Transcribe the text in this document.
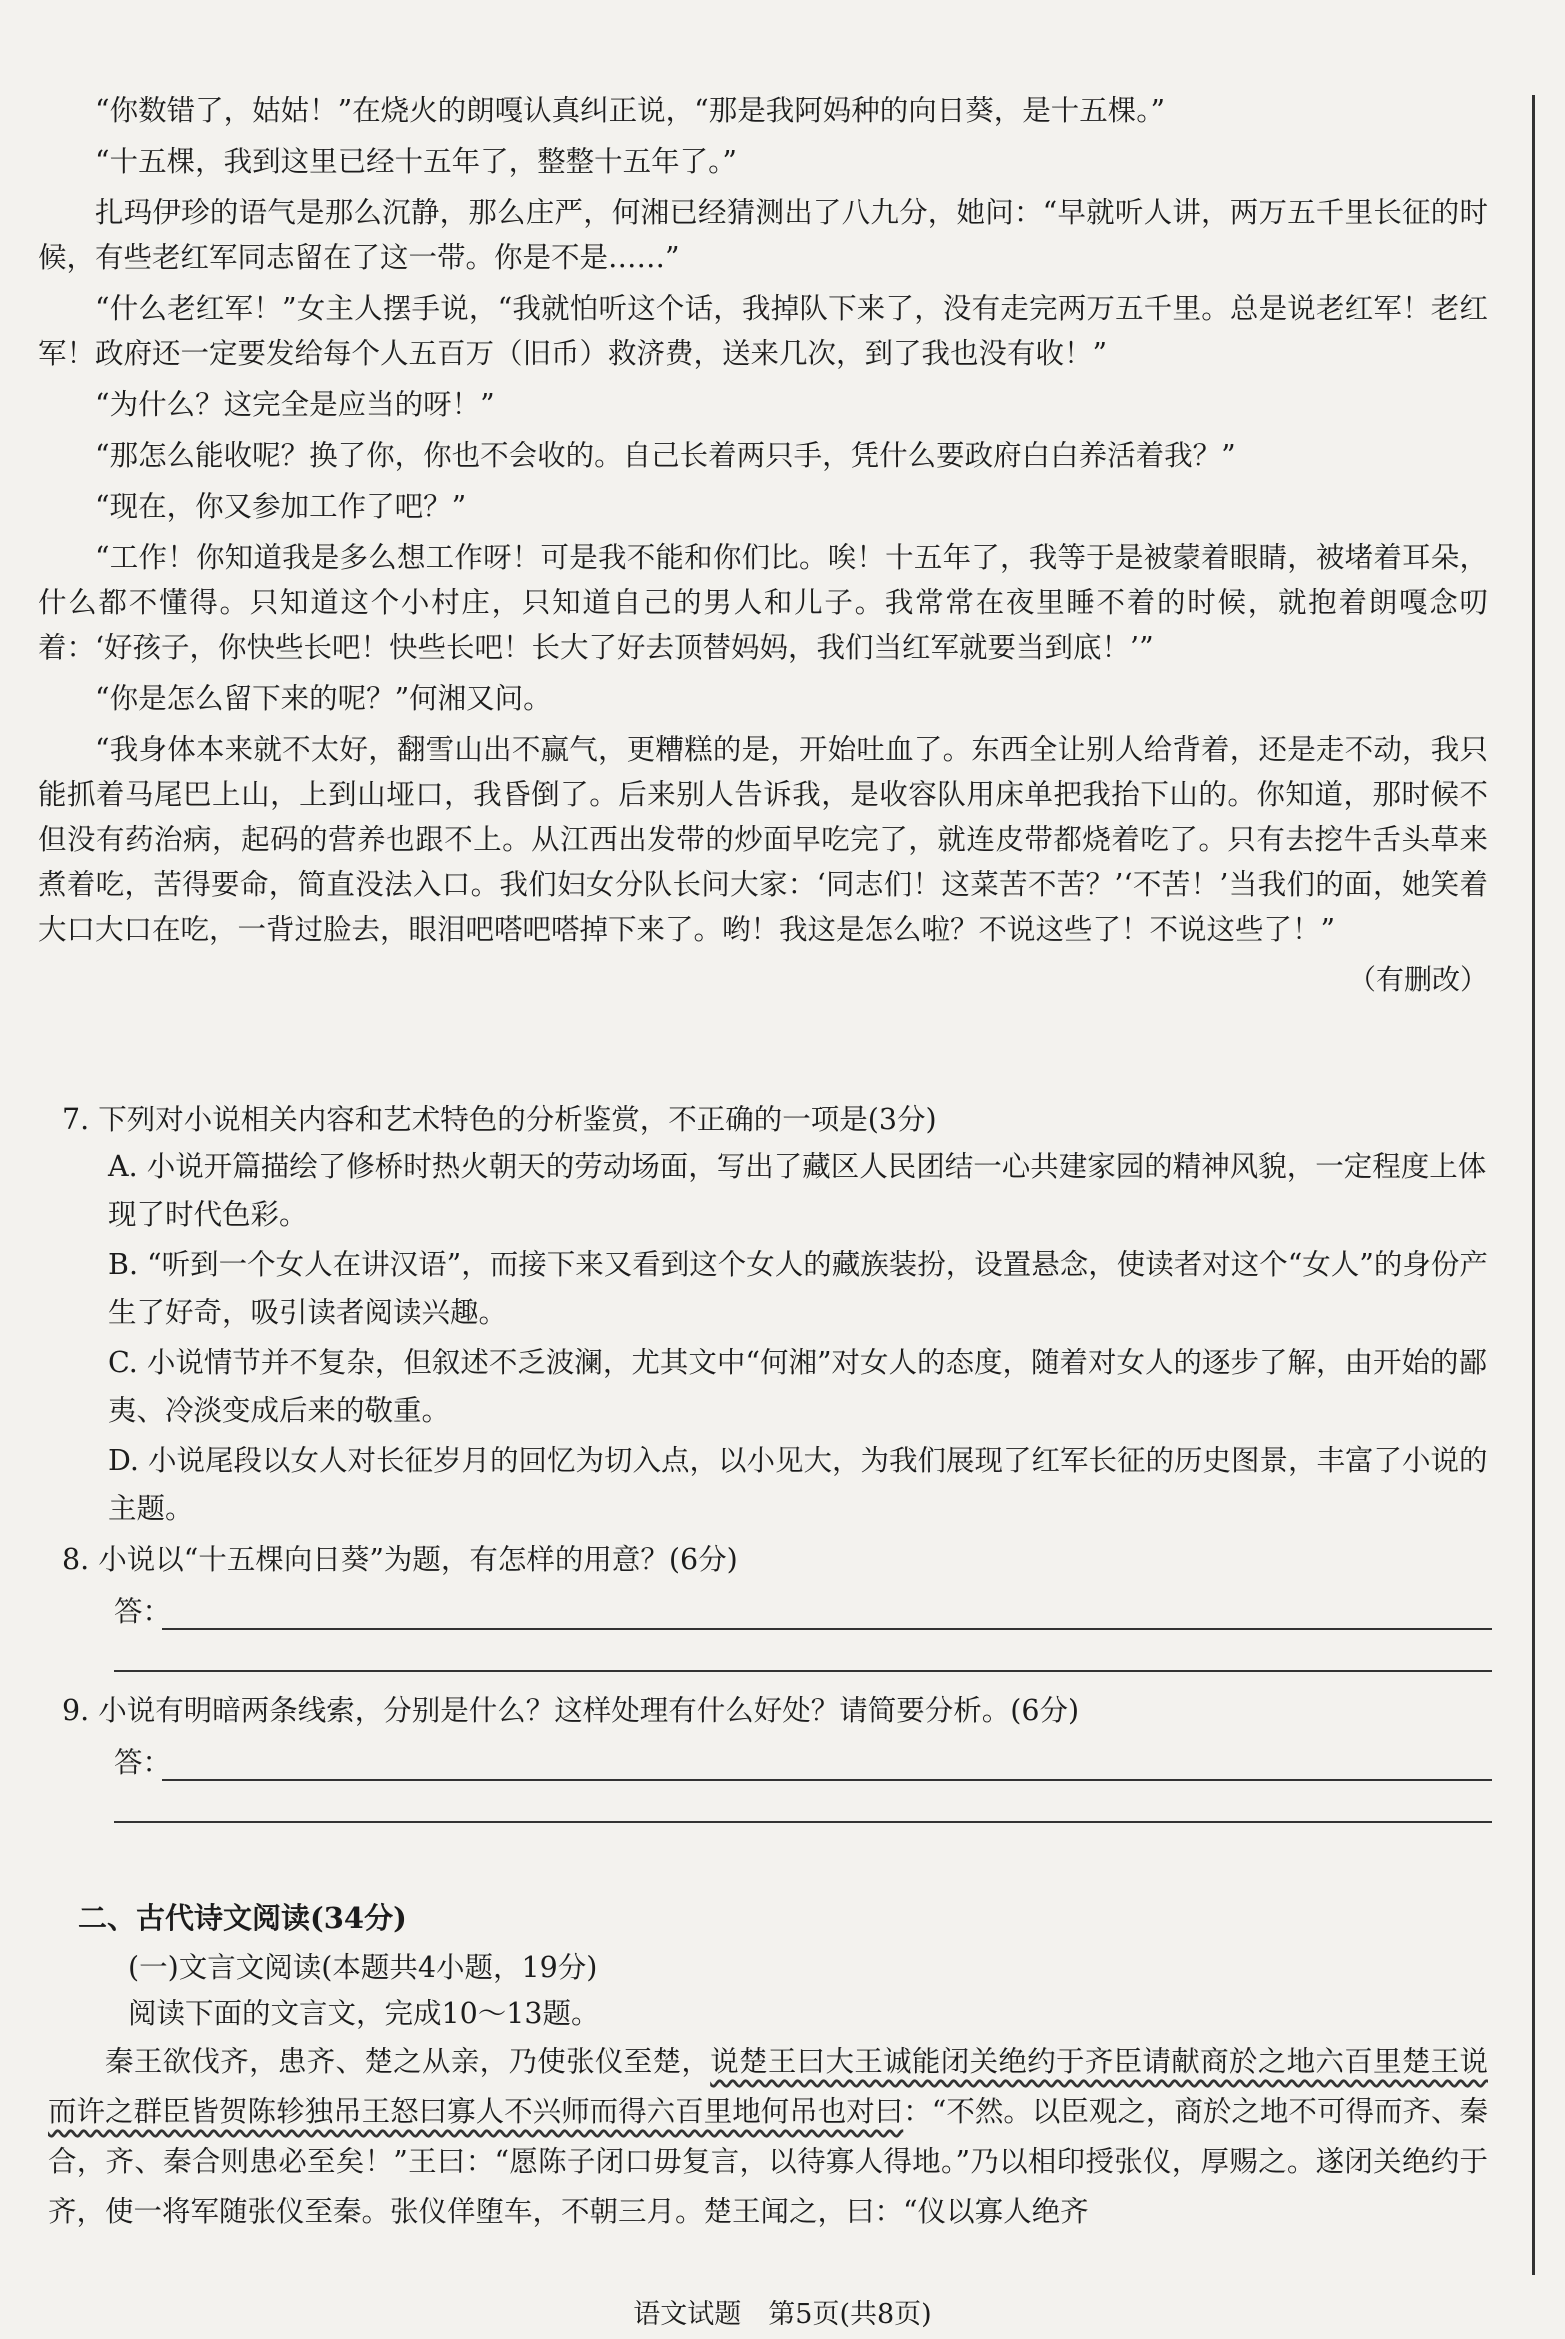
“你数错了，姑姑！”在烧火的朗嘎认真纠正说，“那是我阿妈种的向日葵，是十五棵。”

“十五棵，我到这里已经十五年了，整整十五年了。”

扎玛伊珍的语气是那么沉静，那么庄严，何湘已经猜测出了八九分，她问：“早就听人讲，两万五千里长征的时候，有些老红军同志留在了这一带。你是不是……”

“什么老红军！”女主人摆手说，“我就怕听这个话，我掉队下来了，没有走完两万五千里。总是说老红军！老红军！政府还一定要发给每个人五百万（旧币）救济费，送来几次，到了我也没有收！”

“为什么？这完全是应当的呀！”

“那怎么能收呢？换了你，你也不会收的。自己长着两只手，凭什么要政府白白养活着我？”

“现在，你又参加工作了吧？”

“工作！你知道我是多么想工作呀！可是我不能和你们比。唉！十五年了，我等于是被蒙着眼睛，被堵着耳朵，什么都不懂得。只知道这个小村庄，只知道自己的男人和儿子。我常常在夜里睡不着的时候，就抱着朗嘎念叨着：‘好孩子，你快些长吧！快些长吧！长大了好去顶替妈妈，我们当红军就要当到底！’”

“你是怎么留下来的呢？”何湘又问。

“我身体本来就不太好，翻雪山出不赢气，更糟糕的是，开始吐血了。东西全让别人给背着，还是走不动，我只能抓着马尾巴上山，上到山垭口，我昏倒了。后来别人告诉我，是收容队用床单把我抬下山的。你知道，那时候不但没有药治病，起码的营养也跟不上。从江西出发带的炒面早吃完了，就连皮带都烧着吃了。只有去挖牛舌头草来煮着吃，苦得要命，简直没法入口。我们妇女分队长问大家：‘同志们！这菜苦不苦？’‘不苦！’当我们的面，她笑着大口大口在吃，一背过脸去，眼泪吧嗒吧嗒掉下来了。哟！我这是怎么啦？不说这些了！不说这些了！”

（有删改）

7. 下列对小说相关内容和艺术特色的分析鉴赏，不正确的一项是(3分)

A. 小说开篇描绘了修桥时热火朝天的劳动场面，写出了藏区人民团结一心共建家园的精神风貌，一定程度上体现了时代色彩。

B. “听到一个女人在讲汉语”，而接下来又看到这个女人的藏族装扮，设置悬念，使读者对这个“女人”的身份产生了好奇，吸引读者阅读兴趣。

C. 小说情节并不复杂，但叙述不乏波澜，尤其文中“何湘”对女人的态度，随着对女人的逐步了解，由开始的鄙夷、冷淡变成后来的敬重。

D. 小说尾段以女人对长征岁月的回忆为切入点，以小见大，为我们展现了红军长征的历史图景，丰富了小说的主题。

8. 小说以“十五棵向日葵”为题，有怎样的用意？(6分)

答：

9. 小说有明暗两条线索，分别是什么？这样处理有什么好处？请简要分析。(6分)

答：

二、古代诗文阅读(34分)

(一)文言文阅读(本题共4小题，19分)

阅读下面的文言文，完成10～13题。

秦王欲伐齐，患齐、楚之从亲，乃使张仪至楚，说楚王曰大王诚能闭关绝约于齐臣请献商於之地六百里楚王说而许之群臣皆贺陈轸独吊王怒曰寡人不兴师而得六百里地何吊也对曰：“不然。以臣观之，商於之地不可得而齐、秦合，齐、秦合则患必至矣！”王曰：“愿陈子闭口毋复言，以待寡人得地。”乃以相印授张仪，厚赐之。遂闭关绝约于齐，使一将军随张仪至秦。张仪佯堕车，不朝三月。楚王闻之，曰：“仪以寡人绝齐

语文试题　第5页(共8页)
